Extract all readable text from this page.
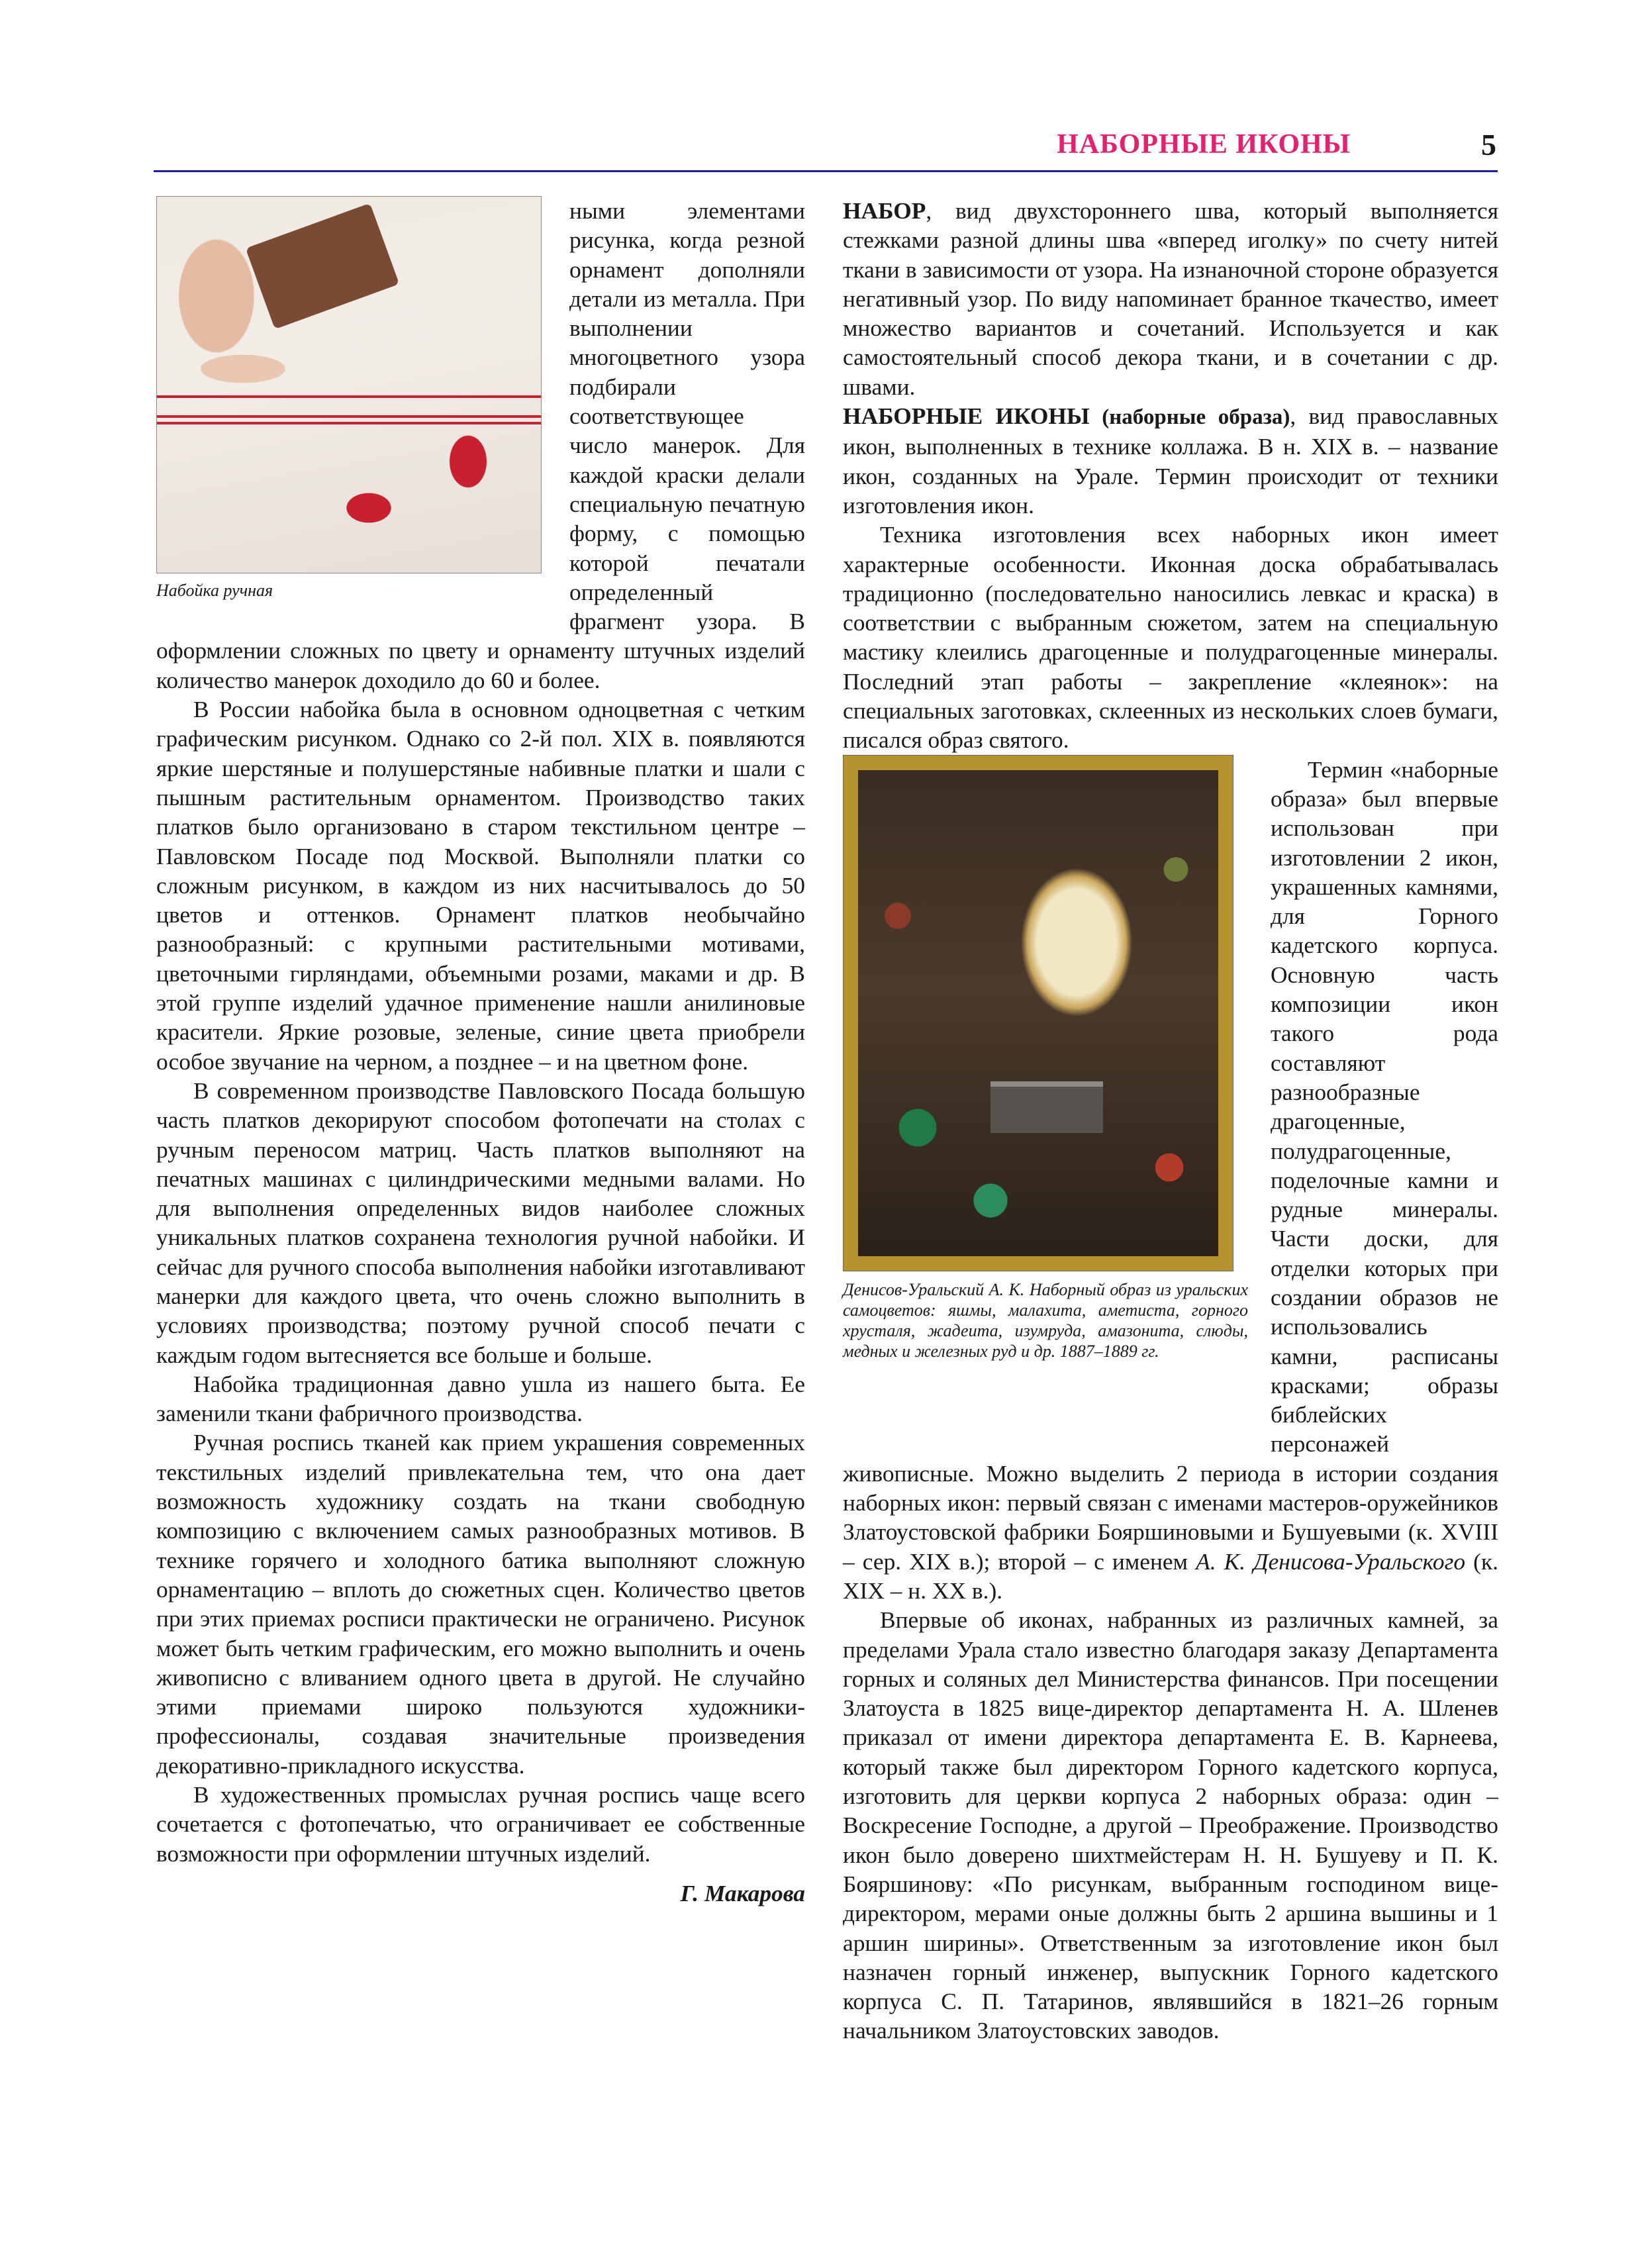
НАБОРНЫЕ ИКОНЫ	5
Набойка ручная

ными элементами рисунка, когда резной орнамент дополняли детали из металла. При выполнении многоцветного узора подбирали соответствующее число манерок. Для каждой краски делали специальную печатную форму, с помощью которой печатали определенный фрагмент узора. В оформлении сложных по цвету и орнаменту штучных изделий количество манерок доходило до 60 и более.

В России набойка была в основном одноцветная с четким графическим рисунком. Однако со 2-й пол. XIX в. появляются яркие шерстяные и полушерстяные набивные платки и шали с пышным растительным орнаментом. Производство таких платков было организовано в старом текстильном центре – Павловском Посаде под Москвой. Выполняли платки со сложным рисунком, в каждом из них насчитывалось до 50 цветов и оттенков. Орнамент платков необычайно разнообразный: с крупными растительными мотивами, цветочными гирляндами, объемными розами, маками и др. В этой группе изделий удачное применение нашли анилиновые красители. Яркие розовые, зеленые, синие цвета приобрели особое звучание на черном, а позднее – и на цветном фоне.

В современном производстве Павловского Посада большую часть платков декорируют способом фотопечати на столах с ручным переносом матриц. Часть платков выполняют на печатных машинах с цилиндрическими медными валами. Но для выполнения определенных видов наиболее сложных уникальных платков сохранена технология ручной набойки. И сейчас для ручного способа выполнения набойки изготавливают манерки для каждого цвета, что очень сложно выполнить в условиях производства; поэтому ручной способ печати с каждым годом вытесняется все больше и больше.

Набойка традиционная давно ушла из нашего быта. Ее заменили ткани фабричного производства.

Ручная роспись тканей как прием украшения современных текстильных изделий привлекательна тем, что она дает возможность художнику создать на ткани свободную композицию с включением самых разнообразных мотивов. В технике горячего и холодного батика выполняют сложную орнаментацию – вплоть до сюжетных сцен. Количество цветов при этих приемах росписи практически не ограничено. Рисунок может быть четким графическим, его можно выполнить и очень живописно с вливанием одного цвета в другой. Не случайно этими приемами широко пользуются художники-профессионалы, создавая значительные произведения декоративно-прикладного искусства.

В художественных промыслах ручная роспись чаще всего сочетается с фотопечатью, что ограничивает ее собственные возможности при оформлении штучных изделий.

Г. Макарова

НАБОР, вид двухстороннего шва, который выполняется стежками разной длины шва «вперед иголку» по счету нитей ткани в зависимости от узора. На изнаночной стороне образуется негативный узор. По виду напоминает бранное ткачество, имеет множество вариантов и сочетаний. Используется и как самостоятельный способ декора ткани, и в сочетании с др. швами.

НАБОРНЫЕ ИКОНЫ (наборные образа), вид православных икон, выполненных в технике коллажа. В н. XIX в. – название икон, созданных на Урале. Термин происходит от техники изготовления икон.

Техника изготовления всех наборных икон имеет характерные особенности. Иконная доска обрабатывалась традиционно (последовательно наносились левкас и краска) в соответствии с выбранным сюжетом, затем на специальную мастику клеилиcь драгоценные и полудрагоценные минералы. Последний этап работы – закрепление «клеянок»: на специальных заготовках, склеенных из нескольких слоев бумаги, писался образ святого.

Денисов-Уральский А. К. Наборный образ из уральских самоцветов: яшмы, малахита, аметиста, горного хрусталя, жадеита, изумруда, амазонита, слюды, медных и железных руд и др. 1887–1889 гг.

Термин «наборные образа» был впервые использован при изготовлении 2 икон, украшенных камнями, для Горного кадетского корпуса. Основную часть композиции икон такого рода составляют разнообразные драгоценные, полудрагоценные, поделочные камни и рудные минералы. Части доски, для отделки которых при создании образов не использовались камни, расписаны красками; образы библейских персонажей живописные. Можно выделить 2 периода в истории создания наборных икон: первый связан с именами мастеров-оружейников Златоустовской фабрики Бояршиновыми и Бушуевыми (к. XVIII – сер. XIX в.); второй – с именем А. К. Денисова-Уральского (к. XIX – н. XX в.).

Впервые об иконах, набранных из различных камней, за пределами Урала стало известно благодаря заказу Департамента горных и соляных дел Министерства финансов. При посещении Златоуста в 1825 вице-директор департамента Н. А. Шленев приказал от имени директора департамента Е. В. Карнеева, который также был директором Горного кадетского корпуса, изготовить для церкви корпуса 2 наборных образа: один – Воскресение Господне, а другой – Преображение. Производство икон было доверено шихтмейстерам Н. Н. Бушуеву и П. К. Бояршинову: «По рисункам, выбранным господином вице-директором, мерами оные должны быть 2 аршина вышины и 1 аршин ширины». Ответственным за изготовление икон был назначен горный инженер, выпускник Горного кадетского корпуса С. П. Татаринов, являвшийся в 1821–26 горным начальником Златоустовских заводов.
